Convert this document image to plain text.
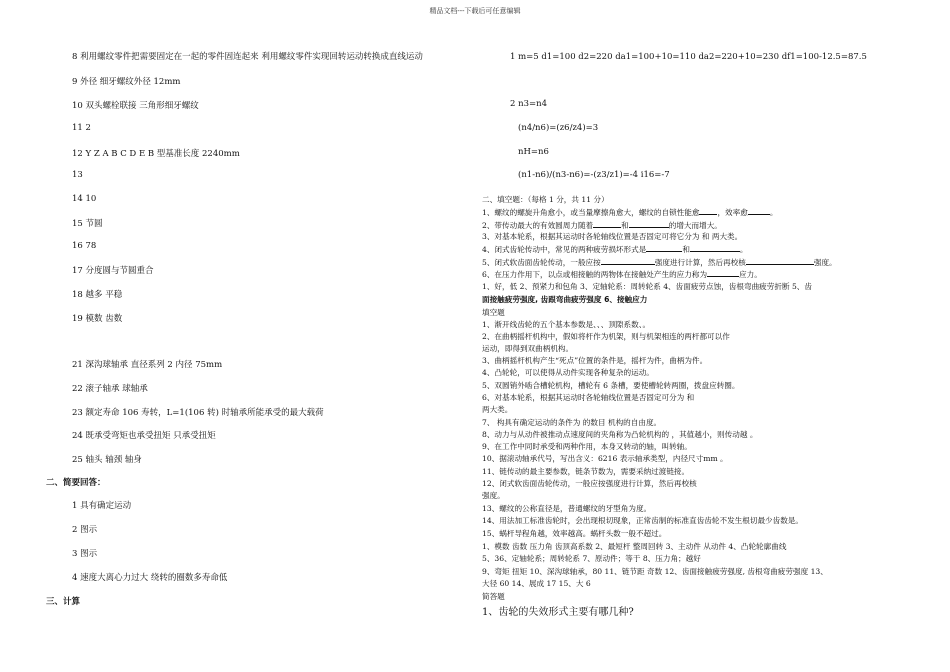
精品文档---下载后可任意编辑
8 利用螺纹零件把需要固定在一起的零件固连起来 利用螺纹零件实现回转运动转换成直线运动
9 外径 细牙螺纹外径 12mm
10 双头螺栓联接 三角形细牙螺纹
11 2
12 Y Z A B C D E B 型基准长度 2240mm
13
14 10
15 节圆
16 78
17 分度圆与节圆重合
18 越多 平稳
19 模数 齿数
21 深沟球轴承 直径系列 2 内径 75mm
22 滚子轴承 球轴承
23 额定寿命 106 寿转，L=1(106 转) 时轴承所能承受的最大载荷
24 既承受弯矩也承受扭矩 只承受扭矩
25 轴头 轴颈 轴身
二、简要回答：
1 具有确定运动
2 图示
3 图示
4 速度大离心力过大 绕转的圈数多寿命低
三、计算
1 m=5 d1=100 d2=220 da1=100+10=110 da2=220+10=230 df1=100-12.5=87.5
2 n3=n4
(n4/n6)=(z6/z4)=3
nH=n6
(n1-n6)/(n3-n6)=-(z3/z1)=-4 i16=-7
二、填空题：（每格 1 分，共 11 分）
1、螺纹的螺旋升角愈小，或当量摩擦角愈大，螺纹的自锁性能愈 ，效率愈	。
2、带传动最大的有效圆周力随着	和	的增大而增大。
3、对基本轮系，根据其运动时各轮轴线位置是否固定可将它分为 和 两大类。
4、闭式齿轮传动中，常见的两种疲劳损坏形式是	和	。
5、闭式软齿面齿轮传动，一般应按	强度进行计算，然后再校核	强度。
6、在压力作用下，以点或相接触的两物体在接触处产生的应力称为	应力。
1、好，低 2、预紧力和包角 3、定轴轮系：周转轮系 4、齿面疲劳点蚀，齿根弯曲疲劳折断 5、齿
面接触疲劳强度, 齿跟弯曲疲劳强度 6、接触应力
填空题
1、渐开线齿轮的五个基本参数是、、、顶隙系数、。
2、在曲柄摇杆机构中，假如将杆作为机架，则与机架相连的两杆都可以作
运动，即得到双曲柄机构。
3、曲柄摇杆机构产生“死点”位置的条件是，摇杆为件，曲柄为件。
4、凸轮轮，可以使得从动件实现各种复杂的运动。
5、双圆销外啮合槽轮机构，槽轮有 6 条槽，要使槽轮转两圈，拨盘应转圈。
6、对基本轮系，根据其运动时各轮轴线位置是否固定可分为 和
两大类。
7、 构具有确定运动的条件为 的数目 机构的自由度。
8、动力与从动件被推动点速度间的夹角称为凸轮机构的 ，其值越小，则传动越 。
9、在工作中同时承受和两种作用，本身又转动的轴，叫转轴。
10、据滚动轴承代号，写出含义：6216 表示轴承类型，内径尺寸mm 。
11、链传动的最主要参数，链条节数为，需要采纳过渡链接。
12、闭式软齿面齿轮传动，一般应按强度进行计算，然后再校核
强度。
13、螺纹的公称直径是，普通螺纹的牙型角为度。
14、用法加工标准齿轮时，会出现根切现象，正常齿制的标准直齿齿轮不发生根切最少齿数是。
15、蜗杆导程角越，效率越高。蜗杆头数一般不超过。
1、模数 齿数 压力角 齿顶高系数 2、最短杆 整周回转 3、主动件 从动件 4、凸轮轮廓曲线
5、36、定轴轮系；周转轮系 7、原动件；等于 8、压力角；越好
9、弯矩 扭矩 10、深沟球轴承，80 11、链节距 奇数 12、齿面接触疲劳强度, 齿根弯曲疲劳强度 13、
大径 60 14、展成 17 15、大 6
简答题
1、齿轮的失效形式主要有哪几种?
